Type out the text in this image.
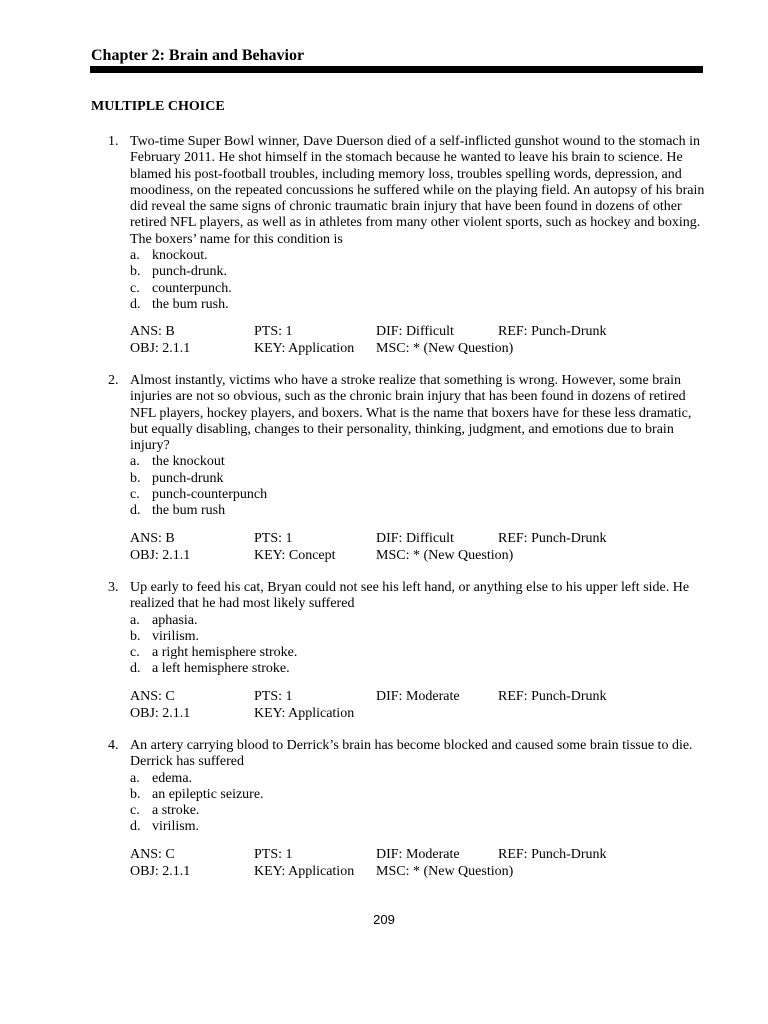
Chapter 2: Brain and Behavior
MULTIPLE CHOICE
1. Two-time Super Bowl winner, Dave Duerson died of a self-inflicted gunshot wound to the stomach in February 2011. He shot himself in the stomach because he wanted to leave his brain to science. He blamed his post-football troubles, including memory loss, troubles spelling words, depression, and moodiness, on the repeated concussions he suffered while on the playing field. An autopsy of his brain did reveal the same signs of chronic traumatic brain injury that have been found in dozens of other retired NFL players, as well as in athletes from many other violent sports, such as hockey and boxing. The boxers’ name for this condition is

a. knockout.
b. punch-drunk.
c. counterpunch.
d. the bum rush.
ANS: B	PTS: 1	DIF: Difficult	REF: Punch-Drunk
OBJ: 2.1.1	KEY: Application	MSC: * (New Question)
2. Almost instantly, victims who have a stroke realize that something is wrong. However, some brain injuries are not so obvious, such as the chronic brain injury that has been found in dozens of retired NFL players, hockey players, and boxers. What is the name that boxers have for these less dramatic, but equally disabling, changes to their personality, thinking, judgment, and emotions due to brain injury?

a. the knockout
b. punch-drunk
c. punch-counterpunch
d. the bum rush
ANS: B	PTS: 1	DIF: Difficult	REF: Punch-Drunk
OBJ: 2.1.1	KEY: Concept	MSC: * (New Question)
3. Up early to feed his cat, Bryan could not see his left hand, or anything else to his upper left side. He realized that he had most likely suffered

a. aphasia.
b. virilism.
c. a right hemisphere stroke.
d. a left hemisphere stroke.
ANS: C	PTS: 1	DIF: Moderate	REF: Punch-Drunk
OBJ: 2.1.1	KEY: Application
4. An artery carrying blood to Derrick’s brain has become blocked and caused some brain tissue to die. Derrick has suffered

a. edema.
b. an epileptic seizure.
c. a stroke.
d. virilism.
ANS: C	PTS: 1	DIF: Moderate	REF: Punch-Drunk
OBJ: 2.1.1	KEY: Application	MSC: * (New Question)
209
